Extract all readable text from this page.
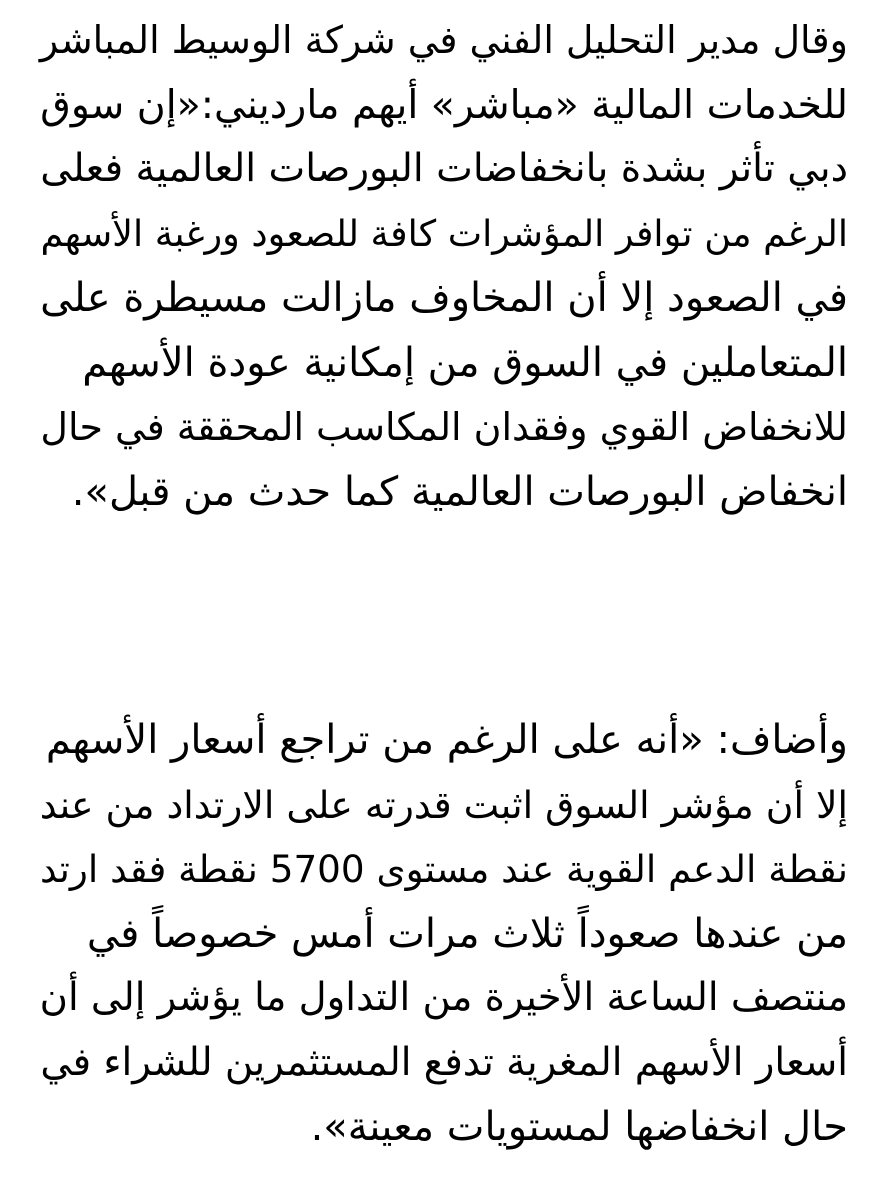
وقال مدير التحليل الفني في شركة الوسيط المباشر
للخدمات المالية «مباشر» أيهم مارديني:«إن سوق
دبي تأثر بشدة بانخفاضات البورصات العالمية فعلى
الرغم من توافر المؤشرات كافة للصعود ورغبة الأسهم
في الصعود إلا أن المخاوف مازالت مسيطرة على
المتعاملين في السوق من إمكانية عودة الأسهم
للانخفاض القوي وفقدان المكاسب المحققة في حال
انخفاض البورصات العالمية كما حدث من قبل».

وأضاف: «أنه على الرغم من تراجع أسعار الأسهم
إلا أن مؤشر السوق اثبت قدرته على الارتداد من عند
نقطة الدعم القوية عند مستوى 5700 نقطة فقد ارتد
من عندها صعوداً ثلاث مرات أمس خصوصاً في
منتصف الساعة الأخيرة من التداول ما يؤشر إلى أن
أسعار الأسهم المغرية تدفع المستثمرين للشراء في
حال انخفاضها لمستويات معينة».
